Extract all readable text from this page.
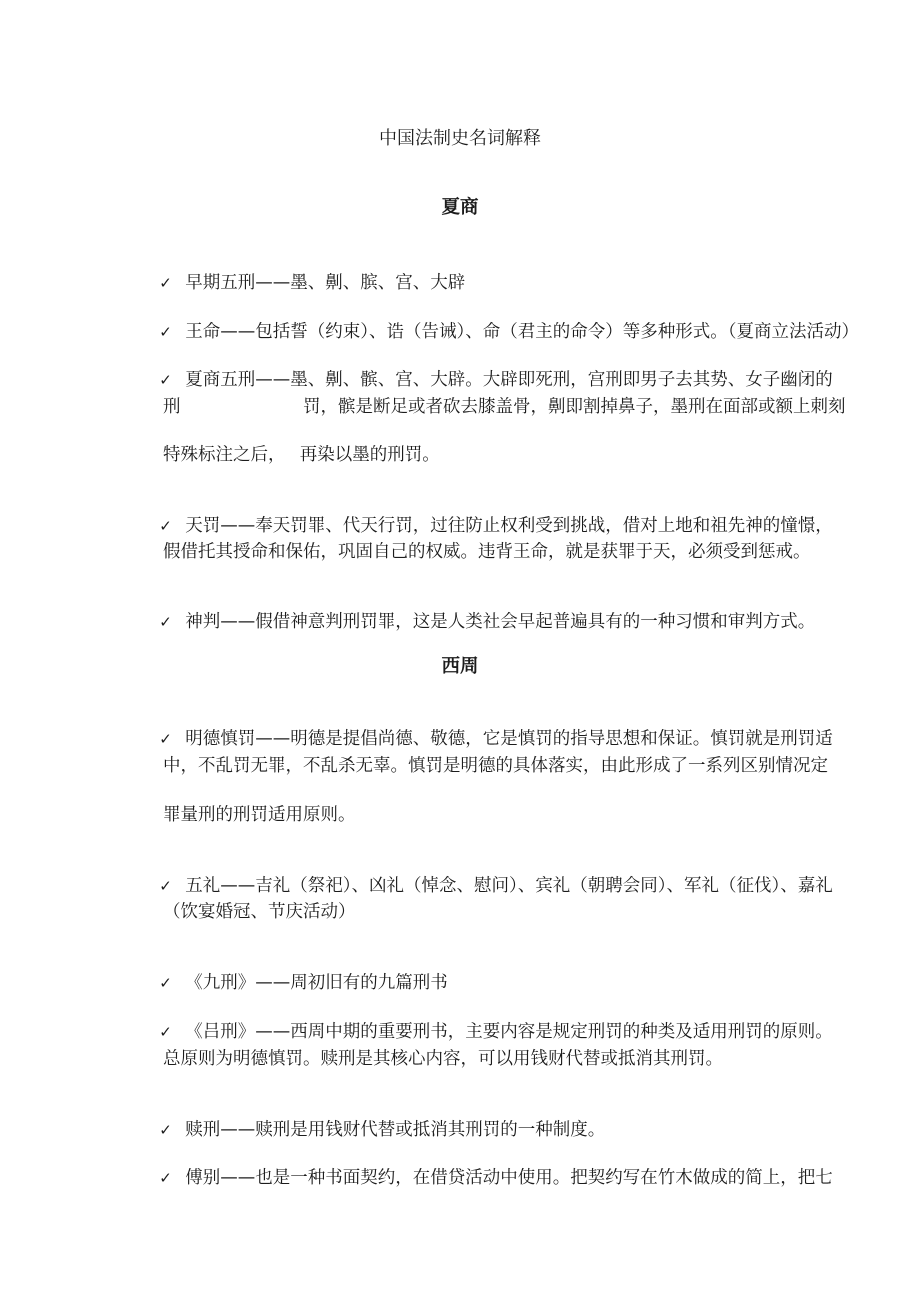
中国法制史名词解释
夏商

✓ 早期五刑——墨、劓、膑、宫、大辟

✓ 王命——包括誓（约束）、诰（告诫）、命（君主的命令）等多种形式。（夏商立法活动）

✓ 夏商五刑——墨、劓、髌、宫、大辟。大辟即死刑，宫刑即男子去其势、女子幽闭的

刑　　　　　　　罚，髌是断足或者砍去膝盖骨，劓即割掉鼻子，墨刑在面部或额上刺刻
特殊标注之后，　 再染以墨的刑罚。

✓ 天罚——奉天罚罪、代天行罚，过往防止权利受到挑战，借对上地和祖先神的憧憬，

假借托其授命和保佑，巩固自己的权威。违背王命，就是获罪于天，必须受到惩戒。

✓ 神判——假借神意判刑罚罪，这是人类社会早起普遍具有的一种习惯和审判方式。

西周

✓ 明德慎罚——明德是提倡尚德、敬德，它是慎罚的指导思想和保证。慎罚就是刑罚适

中，不乱罚无罪，不乱杀无辜。慎罚是明德的具体落实，由此形成了一系列区别情况定
罪量刑的刑罚适用原则。

✓ 五礼——吉礼（祭祀）、凶礼（悼念、慰问）、宾礼（朝聘会同）、军礼（征伐）、嘉礼

（饮宴婚冠、节庆活动）

✓ 《九刑》——周初旧有的九篇刑书

✓ 《吕刑》——西周中期的重要刑书，主要内容是规定刑罚的种类及适用刑罚的原则。

总原则为明德慎罚。赎刑是其核心内容，可以用钱财代替或抵消其刑罚。

✓ 赎刑——赎刑是用钱财代替或抵消其刑罚的一种制度。

✓ 傅别——也是一种书面契约，在借贷活动中使用。把契约写在竹木做成的简上，把七
